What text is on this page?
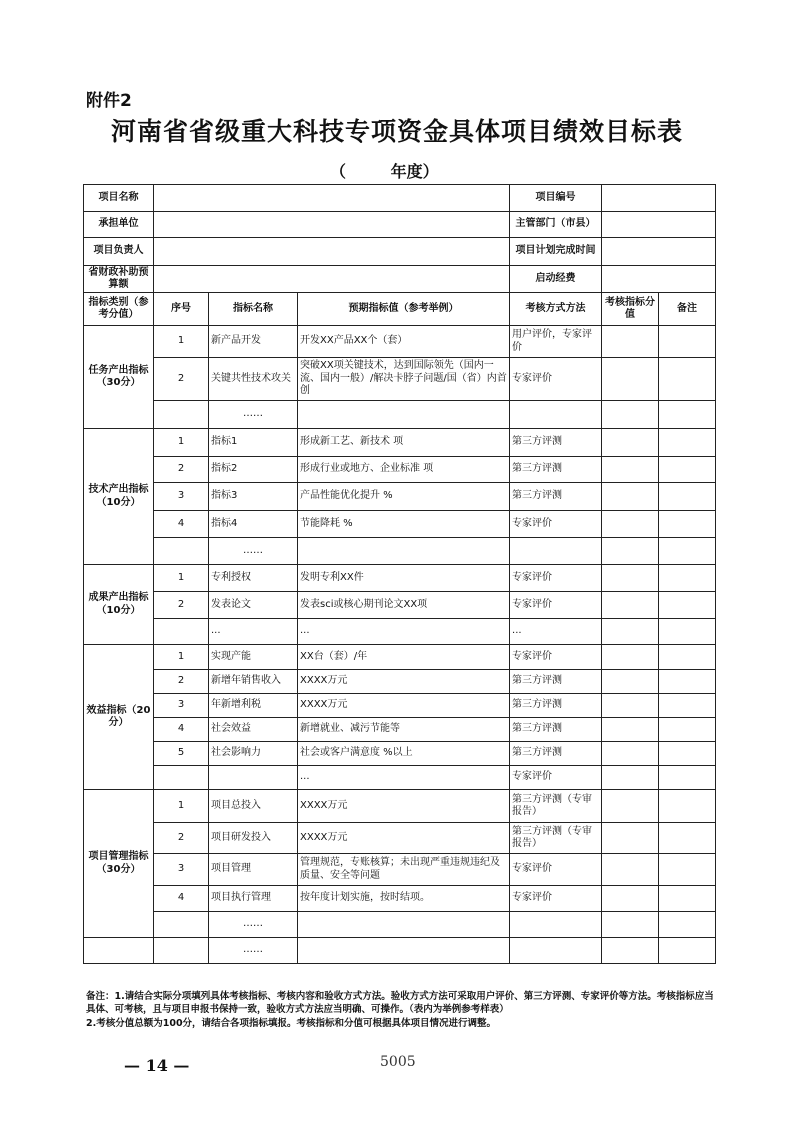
附件2
河南省省级重大科技专项资金具体项目绩效目标表
（        年度）
项目名称				项目编号		
承担单位				主管部门（市县）		
项目负责人				项目计划完成时间		
省财政补助预算额				启动经费		
指标类别（参考分值）	序号	指标名称	预期指标值（参考举例）	考核方式方法	考核指标分值	备注
任务产出指标（30分）	1	新产品开发	开发XX产品XX个（套）	用户评价，专家评价		
	2	关键共性技术攻关	突破XX项关键技术，达到国际领先（国内一流、国内一般）/解决卡脖子问题/国（省）内首创	专家评价		
		……				
技术产出指标（10分）	1	指标1	形成新工艺、新技术 项	第三方评测		
	2	指标2	形成行业或地方、企业标准 项	第三方评测		
	3	指标3	产品性能优化提升 %	第三方评测		
	4	指标4	节能降耗 %	专家评价		
		……				
成果产出指标（10分）	1	专利授权	发明专利XX件	专家评价		
	2	发表论文	发表sci或核心期刊论文XX项	专家评价		
		...	...	...		
效益指标（20分）	1	实现产能	XX台（套）/年	专家评价		
	2	新增年销售收入	XXXX万元	第三方评测		
	3	年新增利税	XXXX万元	第三方评测		
	4	社会效益	新增就业、减污节能等	第三方评测		
	5	社会影响力	社会或客户满意度 %以上	第三方评测		
			...	专家评价		
项目管理指标（30分）	1	项目总投入	XXXX万元	第三方评测（专审报告）		
	2	项目研发投入	XXXX万元	第三方评测（专审报告）		
	3	项目管理	管理规范，专账核算；未出现严重违规违纪及质量、安全等问题	专家评价		
	4	项目执行管理	按年度计划实施，按时结项。	专家评价		
		……				
		……				
备注：1.请结合实际分项填列具体考核指标、考核内容和验收方式方法。验收方式方法可采取用户评价、第三方评测、专家评价等方法。考核指标应当具体、可考核，且与项目申报书保持一致，验收方式方法应当明确、可操作。（表内为举例参考样表）
2.考核分值总额为100分，请结合各项指标填报。考核指标和分值可根据具体项目情况进行调整。
— 14 —	5005
